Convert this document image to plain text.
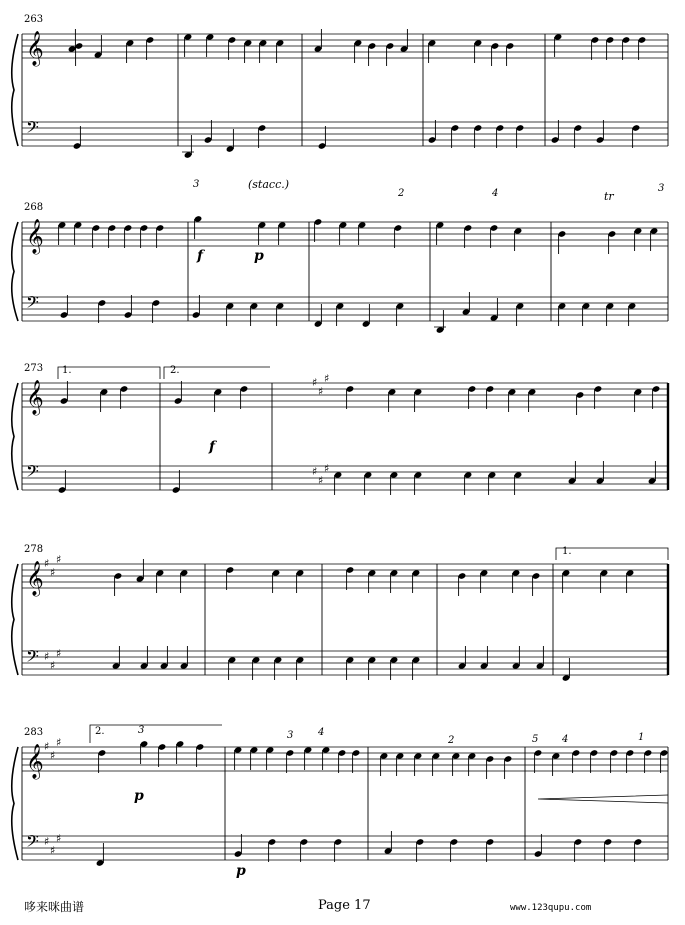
𝄞
𝄢
263
𝄞
𝄢
268
3	(stacc.)
2	4	tr
3
f	p
𝄞	♯
♯
♯
𝄢	♯
♯
♯
273 1.	2.
f
𝄞 ♯
♯
♯
𝄢 ♯
♯
♯
278	1.
𝄞 ♯
♯
♯
𝄢 ♯
♯
♯
283	2.	3
p
3 4
2	5 4	1
p
哆来咪曲谱	Page 17	www.123qupu.com
